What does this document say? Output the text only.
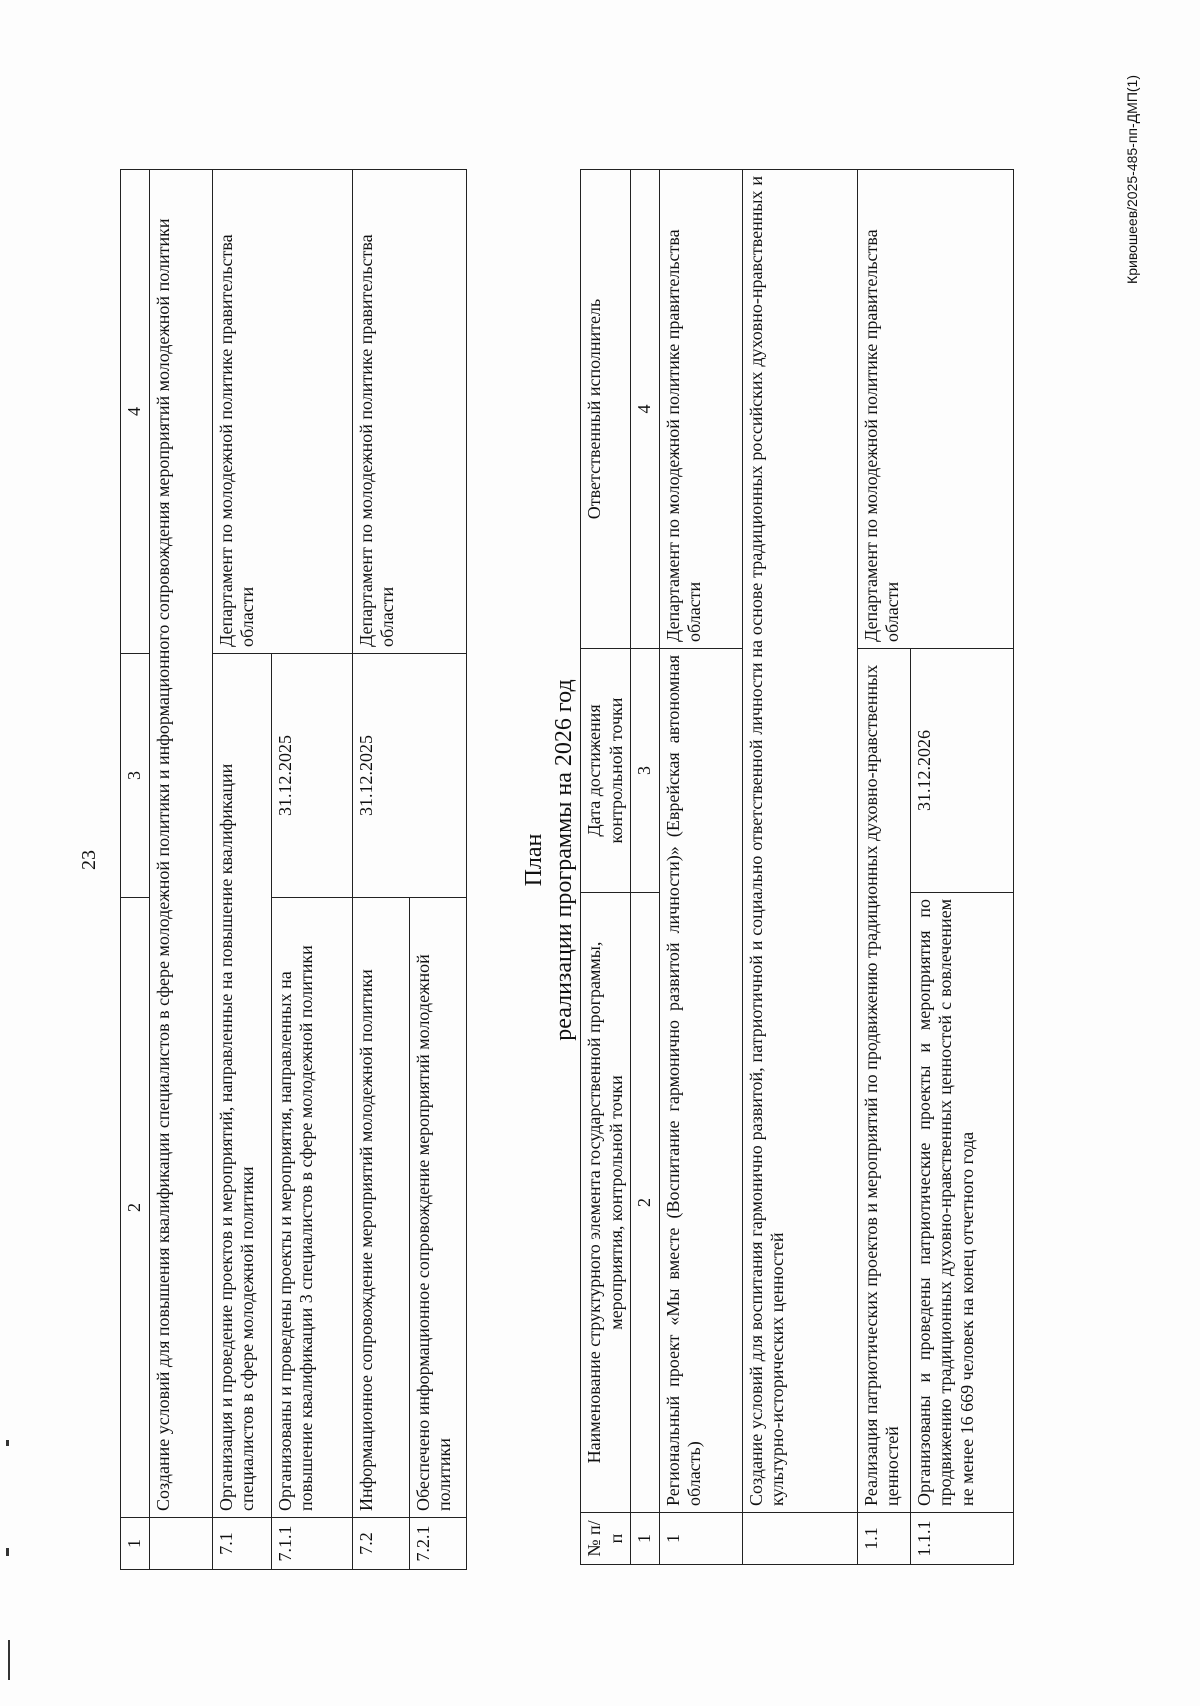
23
1	2	3	4
	Создание условий для повышения квалификации специалистов в сфере молодежной политики и информационного сопровождения мероприятий молодежной политики		
7.1	Организация и проведение проектов и мероприятий, направленные на повышение квалификации специалистов в сфере молодежной политики		Департамент по молодежной политике правительства области
7.1.1	Организованы и проведены проекты и мероприятия, направленных на повышение квалификации 3 специалистов в сфере молодежной политики	31.12.2025	
7.2	Информационное сопровождение мероприятий молодежной политики	31.12.2025	Департамент по молодежной политике правительства области
7.2.1	Обеспечено информационное сопровождение мероприятий молодежной политики		
План реализации программы на 2026 год
№ п/п	Наименование структурного элемента государственной программы, мероприятия, контрольной точки	Дата достижения контрольной точки	Ответственный исполнитель
1	2	3	4
1	Региональный проект «Мы вместе (Воспитание гармонично развитой личности)» (Еврейская автономная область)		Департамент по молодежной политике правительства области
	Создание условий для воспитания гармонично развитой, патриотичной и социально ответственной личности на основе традиционных российских духовно-нравственных и культурно-исторических ценностей		
1.1	Реализация патриотических проектов и мероприятий по продвижению традиционных духовно-нравственных ценностей		Департамент по молодежной политике правительства области
1.1.1	Организованы и проведены патриотические проекты и мероприятия по продвижению традиционных духовно-нравственных ценностей с вовлечением не менее 16 669 человек на конец отчетного года	31.12.2026	
Кривошеев/2025-485-пп-ДМП(1)
